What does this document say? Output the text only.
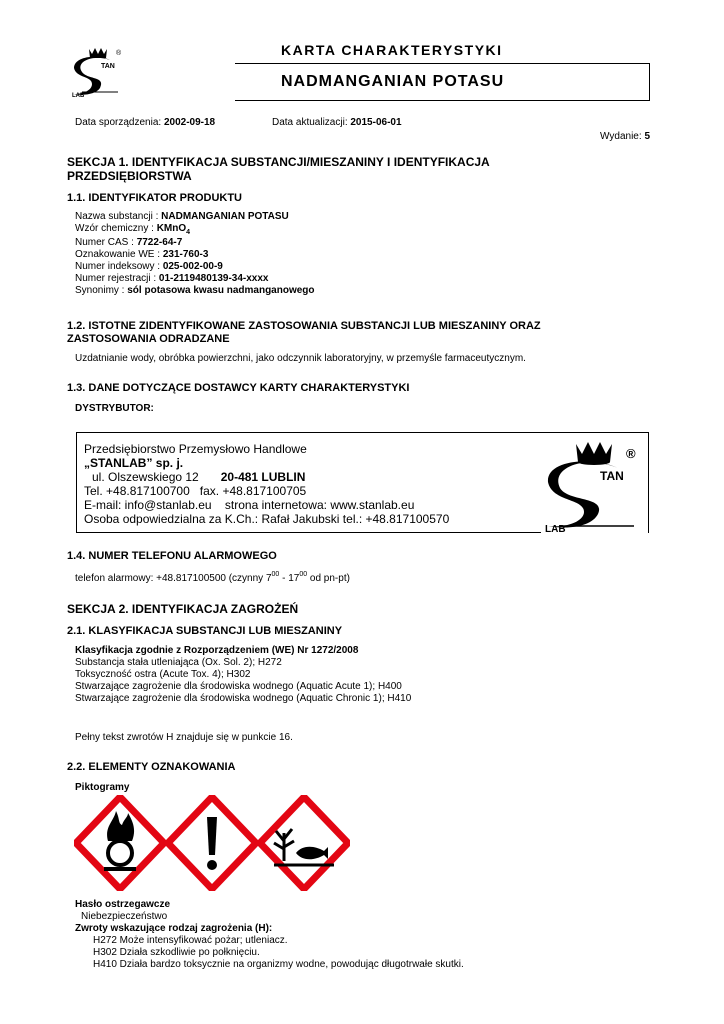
TAN
LAB
®	KARTA CHARAKTERYSTYKI
NADMANGANIAN POTASU
Data sporządzenia: 2002-09-18	Data aktualizacji: 2015-06-01
Wydanie: 5
SEKCJA 1. IDENTYFIKACJA SUBSTANCJI/MIESZANINY I IDENTYFIKACJA
PRZEDSIĘBIORSTWA
1.1. IDENTYFIKATOR PRODUKTU
Nazwa substancji : NADMANGANIAN POTASU
Wzór chemiczny : KMnO$_4$
Numer CAS : 7722-64-7
Oznakowanie WE : 231-760-3
Numer indeksowy : 025-002-00-9
Numer rejestracji : 01-2119480139-34-xxxx
Synonimy : sól potasowa kwasu nadmanganowego
1.2. ISTOTNE ZIDENTYFIKOWANE ZASTOSOWANIA SUBSTANCJI LUB MIESZANINY ORAZ
ZASTOSOWANIA ODRADZANE
Uzdatnianie wody, obróbka powierzchni, jako odczynnik laboratoryjny, w przemyśle farmaceutycznym.
1.3. DANE DOTYCZĄCE DOSTAWCY KARTY CHARAKTERYSTYKI
DYSTRYBUTOR:
Przedsiębiorstwo Przemysłowo Handlowe
„STANLAB” sp. j.
ul. Olszewskiego 12 20-481 LUBLIN
Tel. +48.817100700 fax. +48.817100705
E-mail: info@stanlab.eu strona internetowa: www.stanlab.eu
Osoba odpowiedzialna za K.Ch.: Rafał Jakubski tel.: +48.817100570
TAN
LAB
®
1.4. NUMER TELEFONU ALARMOWEGO
telefon alarmowy: +48.817100500 (czynny $7^{00} - 17^{00}$ od pn-pt)
SEKCJA 2. IDENTYFIKACJA ZAGROŻEŃ
2.1. KLASYFIKACJA SUBSTANCJI LUB MIESZANINY
Klasyfikacja zgodnie z Rozporządzeniem (WE) Nr 1272/2008
Substancja stała utleniająca (Ox. Sol. 2); H272
Toksyczność ostra (Acute Tox. 4); H302
Stwarzające zagrożenie dla środowiska wodnego (Aquatic Acute 1); H400
Stwarzające zagrożenie dla środowiska wodnego (Aquatic Chronic 1); H410
Pełny tekst zwrotów H znajduje się w punkcie 16.
2.2. ELEMENTY OZNAKOWANIA
Piktogramy
Hasło ostrzegawcze
Niebezpieczeństwo
Zwroty wskazujące rodzaj zagrożenia (H):
H272 Może intensyfikować pożar; utleniacz.
H302 Działa szkodliwie po połknięciu.
H410 Działa bardzo toksycznie na organizmy wodne, powodując długotrwałe skutki.
